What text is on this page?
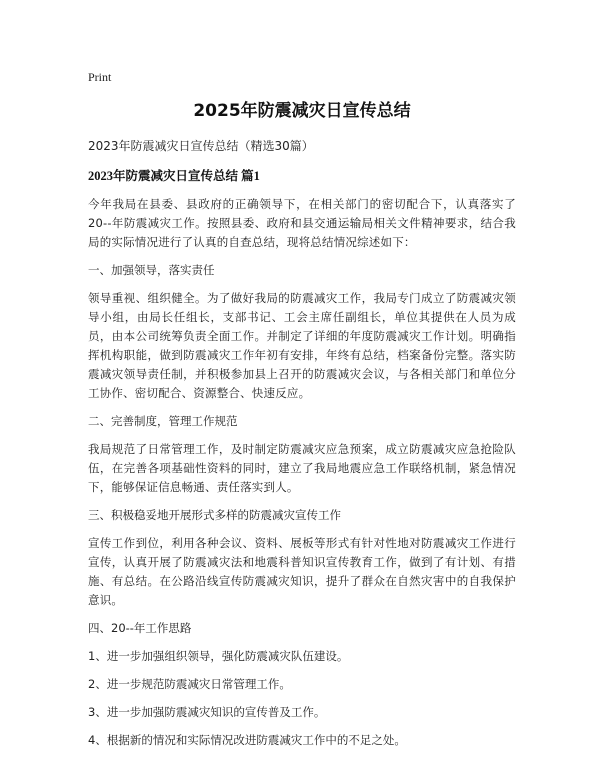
Print
2025年防震减灾日宣传总结

2023年防震减灾日宣传总结（精选30篇）

2023年防震减灾日宣传总结 篇1

今年我局在县委、县政府的正确领导下，在相关部门的密切配合下，认真落实了20--年防震减灾工作。按照县委、政府和县交通运输局相关文件精神要求，结合我局的实际情况进行了认真的自查总结，现将总结情况综述如下：

一、加强领导，落实责任

领导重视、组织健全。为了做好我局的防震减灾工作，我局专门成立了防震减灾领导小组，由局长任组长，支部书记、工会主席任副组长，单位其提供在人员为成员，由本公司统筹负责全面工作。并制定了详细的年度防震减灾工作计划。明确指挥机构职能，做到防震减灾工作年初有安排，年终有总结，档案备份完整。落实防震减灾领导责任制，并积极参加县上召开的防震减灾会议，与各相关部门和单位分工协作、密切配合、资源整合、快速反应。

二、完善制度，管理工作规范

我局规范了日常管理工作，及时制定防震减灾应急预案，成立防震减灾应急抢险队伍，在完善各项基础性资料的同时，建立了我局地震应急工作联络机制，紧急情况下，能够保证信息畅通、责任落实到人。

三、积极稳妥地开展形式多样的防震减灾宣传工作

宣传工作到位，利用各种会议、资料、展板等形式有针对性地对防震减灾工作进行宣传，认真开展了防震减灾法和地震科普知识宣传教育工作，做到了有计划、有措施、有总结。在公路沿线宣传防震减灾知识，提升了群众在自然灾害中的自我保护意识。

四、20--年工作思路

1、进一步加强组织领导，强化防震减灾队伍建设。

2、进一步规范防震减灾日常管理工作。

3、进一步加强防震减灾知识的宣传普及工作。

4、根据新的情况和实际情况改进防震减灾工作中的不足之处。
